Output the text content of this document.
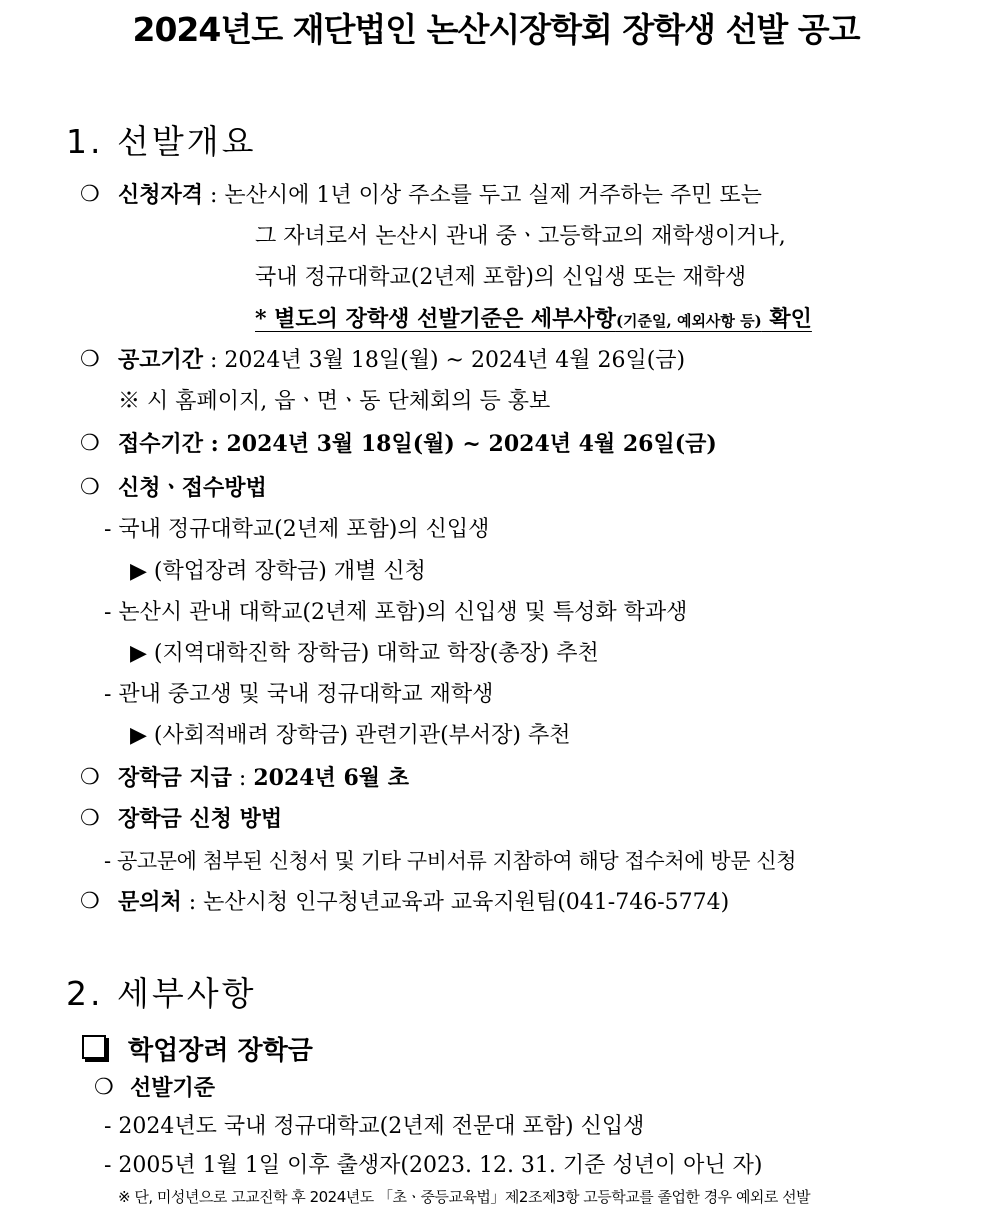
2024년도 재단법인 논산시장학회 장학생 선발 공고
1. 선발개요
❍ 신청자격 : 논산시에 1년 이상 주소를 두고 실제 거주하는 주민 또는
그 자녀로서 논산시 관내 중ㆍ고등학교의 재학생이거나,
국내 정규대학교(2년제 포함)의 신입생 또는 재학생
* 별도의 장학생 선발기준은 세부사항(기준일, 예외사항 등) 확인
❍ 공고기간 : 2024년 3월 18일(월) ~ 2024년 4월 26일(금)
※ 시 홈페이지, 읍ㆍ면ㆍ동 단체회의 등 홍보
❍ 접수기간 : 2024년 3월 18일(월) ~ 2024년 4월 26일(금)
❍ 신청ㆍ접수방법
- 국내 정규대학교(2년제 포함)의 신입생
▶ (학업장려 장학금) 개별 신청
- 논산시 관내 대학교(2년제 포함)의 신입생 및 특성화 학과생
▶ (지역대학진학 장학금) 대학교 학장(총장) 추천
- 관내 중고생 및 국내 정규대학교 재학생
▶ (사회적배려 장학금) 관련기관(부서장) 추천
❍ 장학금 지급 : 2024년 6월 초
❍ 장학금 신청 방법
- 공고문에 첨부된 신청서 및 기타 구비서류 지참하여 해당 접수처에 방문 신청
❍ 문의처 : 논산시청 인구청년교육과 교육지원팀(041-746-5774)
2. 세부사항
학업장려 장학금
❍ 선발기준
- 2024년도 국내 정규대학교(2년제 전문대 포함) 신입생
- 2005년 1월 1일 이후 출생자(2023. 12. 31. 기준 성년이 아닌 자)
※ 단, 미성년으로 고교진학 후 2024년도 「초ㆍ중등교육법」제2조제3항 고등학교를 졸업한 경우 예외로 선발
